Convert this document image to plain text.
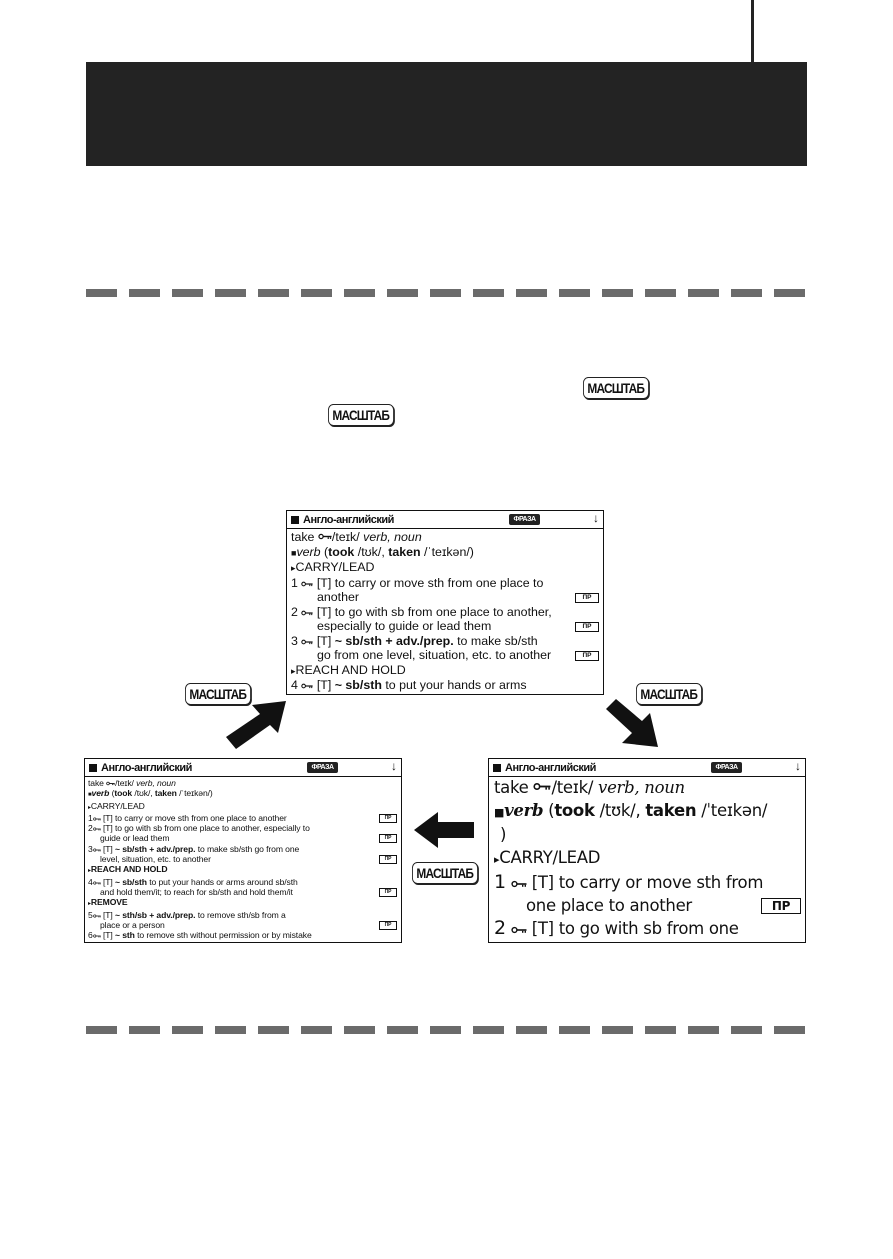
МАСШТАБ
МАСШТАБ
Англо-английский	ФРАЗА	↓
take /teɪk/ verb, noun
■verb (took /tʊk/, taken /ˈteɪkən/)
▸CARRY/LEAD
1 [T] to carry or move sth from one place to
another	ПР
2 [T] to go with sb from one place to another,
especially to guide or lead them	ПР
3 [T] ~ sb/sth + adv./prep. to make sb/sth
go from one level, situation, etc. to another	ПР
▸REACH AND HOLD
4 [T] ~ sb/sth to put your hands or arms
Англо-английский	ФРАЗА	↓
take /teɪk/ verb, noun
■verb (took /tʊk/, taken /ˈteɪkən/
)
▸CARRY/LEAD
1 [T] to carry or move sth from
one place to another	ПР
2 [T] to go with sb from one
Англо-английский	ФРАЗА	↓
take /teɪk/ verb, noun
■verb (took /tʊk/, taken /ˈteɪkən/)
▸CARRY/LEAD
1 [T] to carry or move sth from one place to another	ПР
2 [T] to go with sb from one place to another, especially to
guide or lead them	ПР
3 [T] ~ sb/sth + adv./prep. to make sb/sth go from one
level, situation, etc. to another	ПР
▸REACH AND HOLD
4 [T] ~ sb/sth to put your hands or arms around sb/sth
and hold them/it; to reach for sb/sth and hold them/it	ПР
▸REMOVE
5 [T] ~ sth/sb + adv./prep. to remove sth/sb from a
place or a person	ПР
6 [T] ~ sth to remove sth without permission or by mistake
МАСШТАБ	МАСШТАБ
МАСШТАБ
